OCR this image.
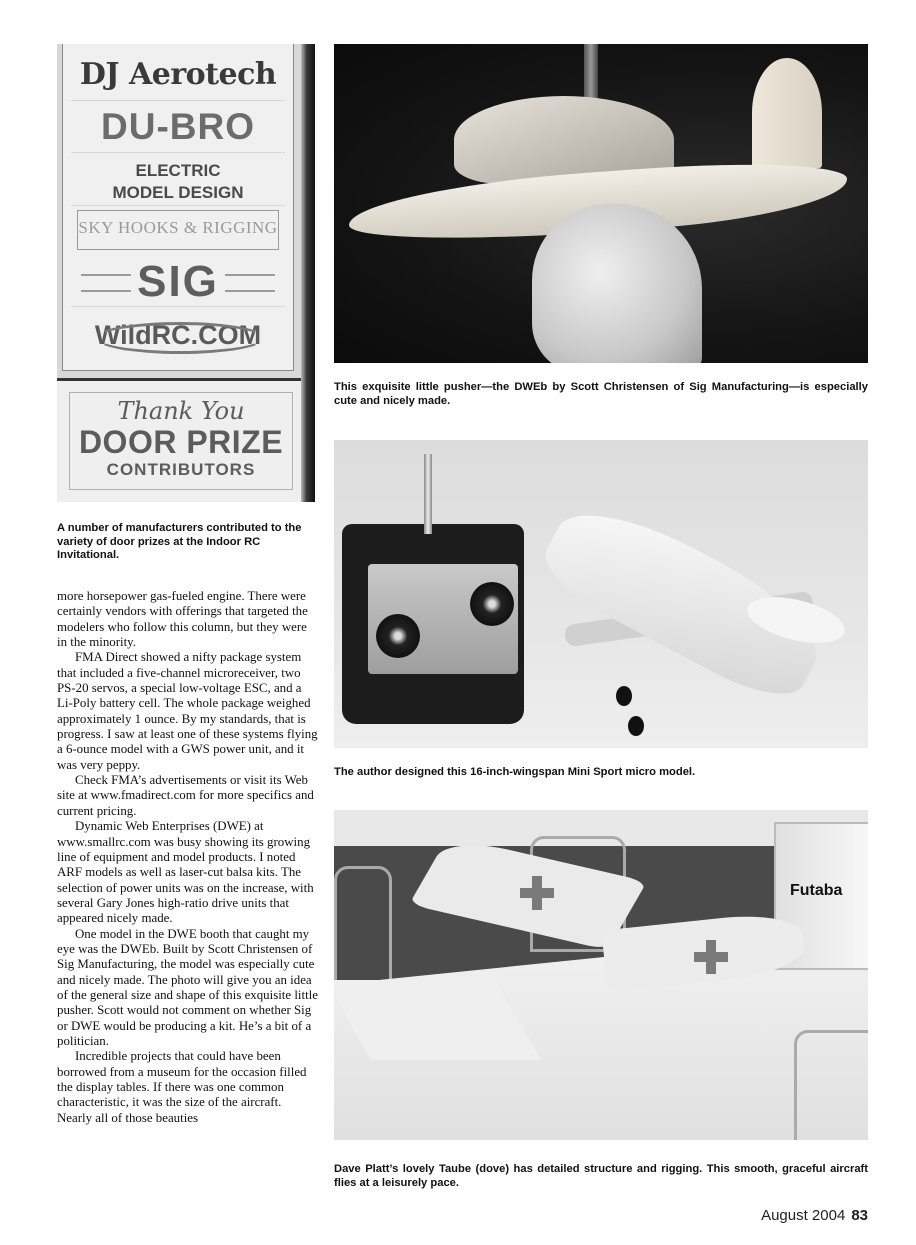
DJ Aerotech
DU-BRO
ELECTRIC
MODEL DESIGN
SKY HOOKS & RIGGING
SIG
WildRC.COM
Thank You
DOOR PRIZE
CONTRIBUTORS
This exquisite little pusher—the DWEb by Scott Christensen of Sig Manufacturing—is especially cute and nicely made.
The author designed this 16-inch-wingspan Mini Sport micro model.
Futaba
Dave Platt’s lovely Taube (dove) has detailed structure and rigging. This smooth, graceful aircraft flies at a leisurely pace.
A number of manufacturers contributed to the variety of door prizes at the Indoor RC Invitational.

more horsepower gas-fueled engine. There were certainly vendors with offerings that targeted the modelers who follow this column, but they were in the minority.

FMA Direct showed a nifty package system that included a five-channel microreceiver, two PS-20 servos, a special low-voltage ESC, and a Li-Poly battery cell. The whole package weighed approximately 1 ounce. By my standards, that is progress. I saw at least one of these systems flying a 6-ounce model with a GWS power unit, and it was very peppy.

Check FMA’s advertisements or visit its Web site at www.fmadirect.com for more specifics and current pricing.

Dynamic Web Enterprises (DWE) at www.smallrc.com was busy showing its growing line of equipment and model products. I noted ARF models as well as laser-cut balsa kits. The selection of power units was on the increase, with several Gary Jones high-ratio drive units that appeared nicely made.

One model in the DWE booth that caught my eye was the DWEb. Built by Scott Christensen of Sig Manufacturing, the model was especially cute and nicely made. The photo will give you an idea of the general size and shape of this exquisite little pusher. Scott would not comment on whether Sig or DWE would be producing a kit. He’s a bit of a politician.

Incredible projects that could have been borrowed from a museum for the occasion filled the display tables. If there was one common characteristic, it was the size of the aircraft. Nearly all of those beauties

August 2004 83
